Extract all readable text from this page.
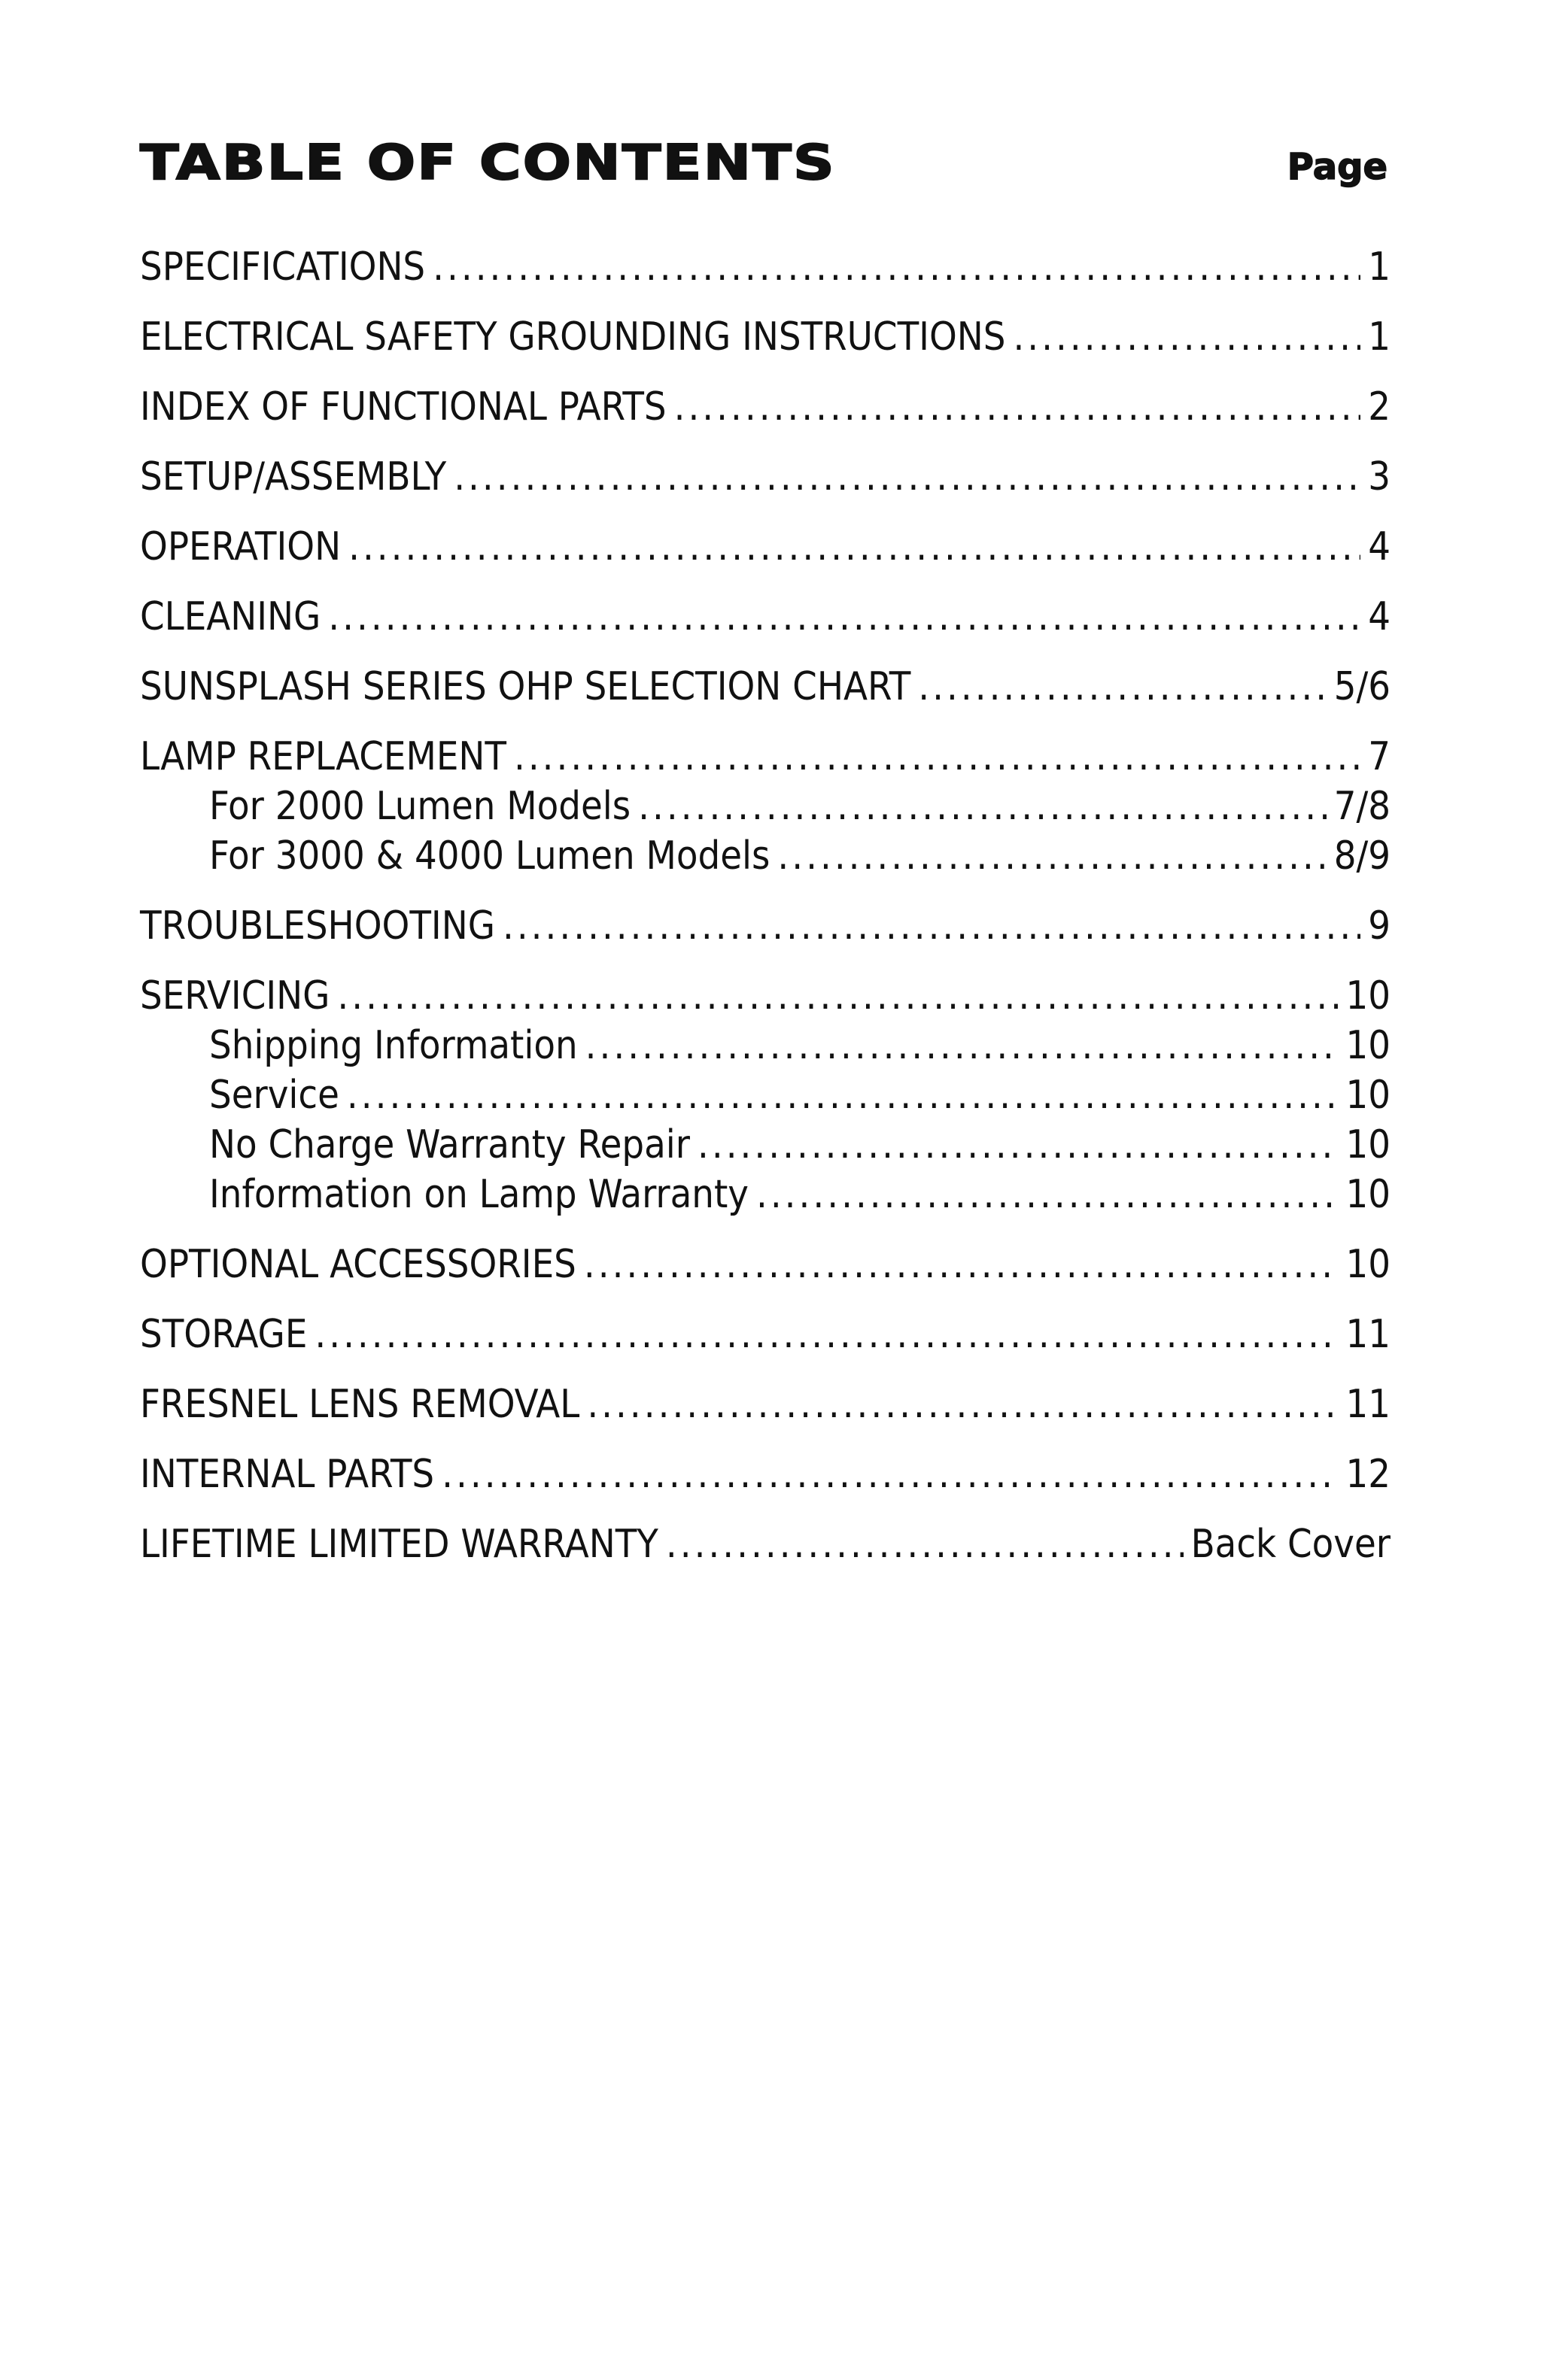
TABLE OF CONTENTS	Page
SPECIFICATIONS .....	1
ELECTRICAL SAFETY GROUNDING INSTRUCTIONS .....	1
INDEX OF FUNCTIONAL PARTS .....	2
SETUP/ASSEMBLY .....	3
OPERATION .....	4
CLEANING .....	4
SUNSPLASH SERIES OHP SELECTION CHART .....	5/6
LAMP REPLACEMENT .....	7
For 2000 Lumen Models .....	7/8
For 3000 & 4000 Lumen Models .....	8/9
TROUBLESHOOTING .....	9
SERVICING .....	10
Shipping Information .....	10
Service .....	10
No Charge Warranty Repair .....	10
Information on Lamp Warranty .....	10
OPTIONAL ACCESSORIES .....	10
STORAGE .....	11
FRESNEL LENS REMOVAL .....	11
INTERNAL PARTS .....	12
LIFETIME LIMITED WARRANTY .....	Back Cover
